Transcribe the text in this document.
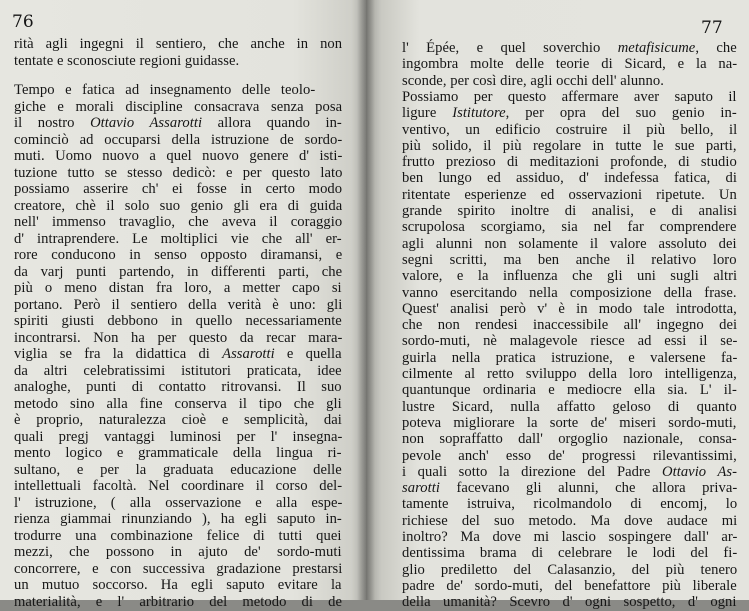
76
rità agli ingegni il sentiero, che anche in non
tentate e sconosciute regioni guidasse.
Tempo e fatica ad insegnamento delle teolo-
giche e morali discipline consacrava senza posa
il nostro Ottavio Assarotti allora quando in-
cominciò ad occuparsi della istruzione de sordo-
muti. Uomo nuovo a quel nuovo genere d' isti-
tuzione tutto se stesso dedicò: e per questo lato
possiamo asserire ch' ei fosse in certo modo
creatore, chè il solo suo genio gli era di guida
nell' immenso travaglio, che aveva il coraggio
d' intraprendere. Le moltiplici vie che all' er-
rore conducono in senso opposto diramansi, e
da varj punti partendo, in differenti parti, che
più o meno distan fra loro, a metter capo si
portano. Però il sentiero della verità è uno: gli
spiriti giusti debbono in quello necessariamente
incontrarsi. Non ha per questo da recar mara-
viglia se fra la didattica di Assarotti e quella
da altri celebratissimi istitutori praticata, idee
analoghe, punti di contatto ritrovansi. Il suo
metodo sino alla fine conserva il tipo che gli
è proprio, naturalezza cioè e semplicità, dai
quali pregj vantaggi luminosi per l' insegna-
mento logico e grammaticale della lingua ri-
sultano, e per la graduata educazione delle
intellettuali facoltà. Nel coordinare il corso del-
l' istruzione, ( alla osservazione e alla espe-
rienza giammai rinunziando ), ha egli saputo in-
trodurre una combinazione felice di tutti quei
mezzi, che possono in ajuto de' sordo-muti
concorrere, e con successiva gradazione prestarsi
un mutuo soccorso. Ha egli saputo evitare la
materialità, e l' arbitrario del metodo di de
77
l' Épée, e quel soverchio metafisicume, che
ingombra molte delle teorie di Sicard, e la na-
sconde, per così dire, agli occhi dell' alunno.
Possiamo per questo affermare aver saputo il
ligure Istitutore, per opra del suo genio in-
ventivo, un edificio costruire il più bello, il
più solido, il più regolare in tutte le sue parti,
frutto prezioso di meditazioni profonde, di studio
ben lungo ed assiduo, d' indefessa fatica, di
ritentate esperienze ed osservazioni ripetute. Un
grande spirito inoltre di analisi, e di analisi
scrupolosa scorgiamo, sia nel far comprendere
agli alunni non solamente il valore assoluto dei
segni scritti, ma ben anche il relativo loro
valore, e la influenza che gli uni sugli altri
vanno esercitando nella composizione della frase.
Quest' analisi però v' è in modo tale introdotta,
che non rendesi inaccessibile all' ingegno dei
sordo-muti, nè malagevole riesce ad essi il se-
guirla nella pratica istruzione, e valersene fa-
cilmente al retto sviluppo della loro intelligenza,
quantunque ordinaria e mediocre ella sia. L' il-
lustre Sicard, nulla affatto geloso di quanto
poteva migliorare la sorte de' miseri sordo-muti,
non sopraffatto dall' orgoglio nazionale, consa-
pevole anch' esso de' progressi rilevantissimi,
i quali sotto la direzione del Padre Ottavio As-
sarotti facevano gli alunni, che allora priva-
tamente istruiva, ricolmandolo di encomj, lo
richiese del suo metodo. Ma dove audace mi
inoltro? Ma dove mi lascio sospingere dall' ar-
dentissima brama di celebrare le lodi del fi-
glio prediletto del Calasanzio, del più tenero
padre de' sordo-muti, del benefattore più liberale
della umanità? Scevro d' ogni sospetto, d' ogni
